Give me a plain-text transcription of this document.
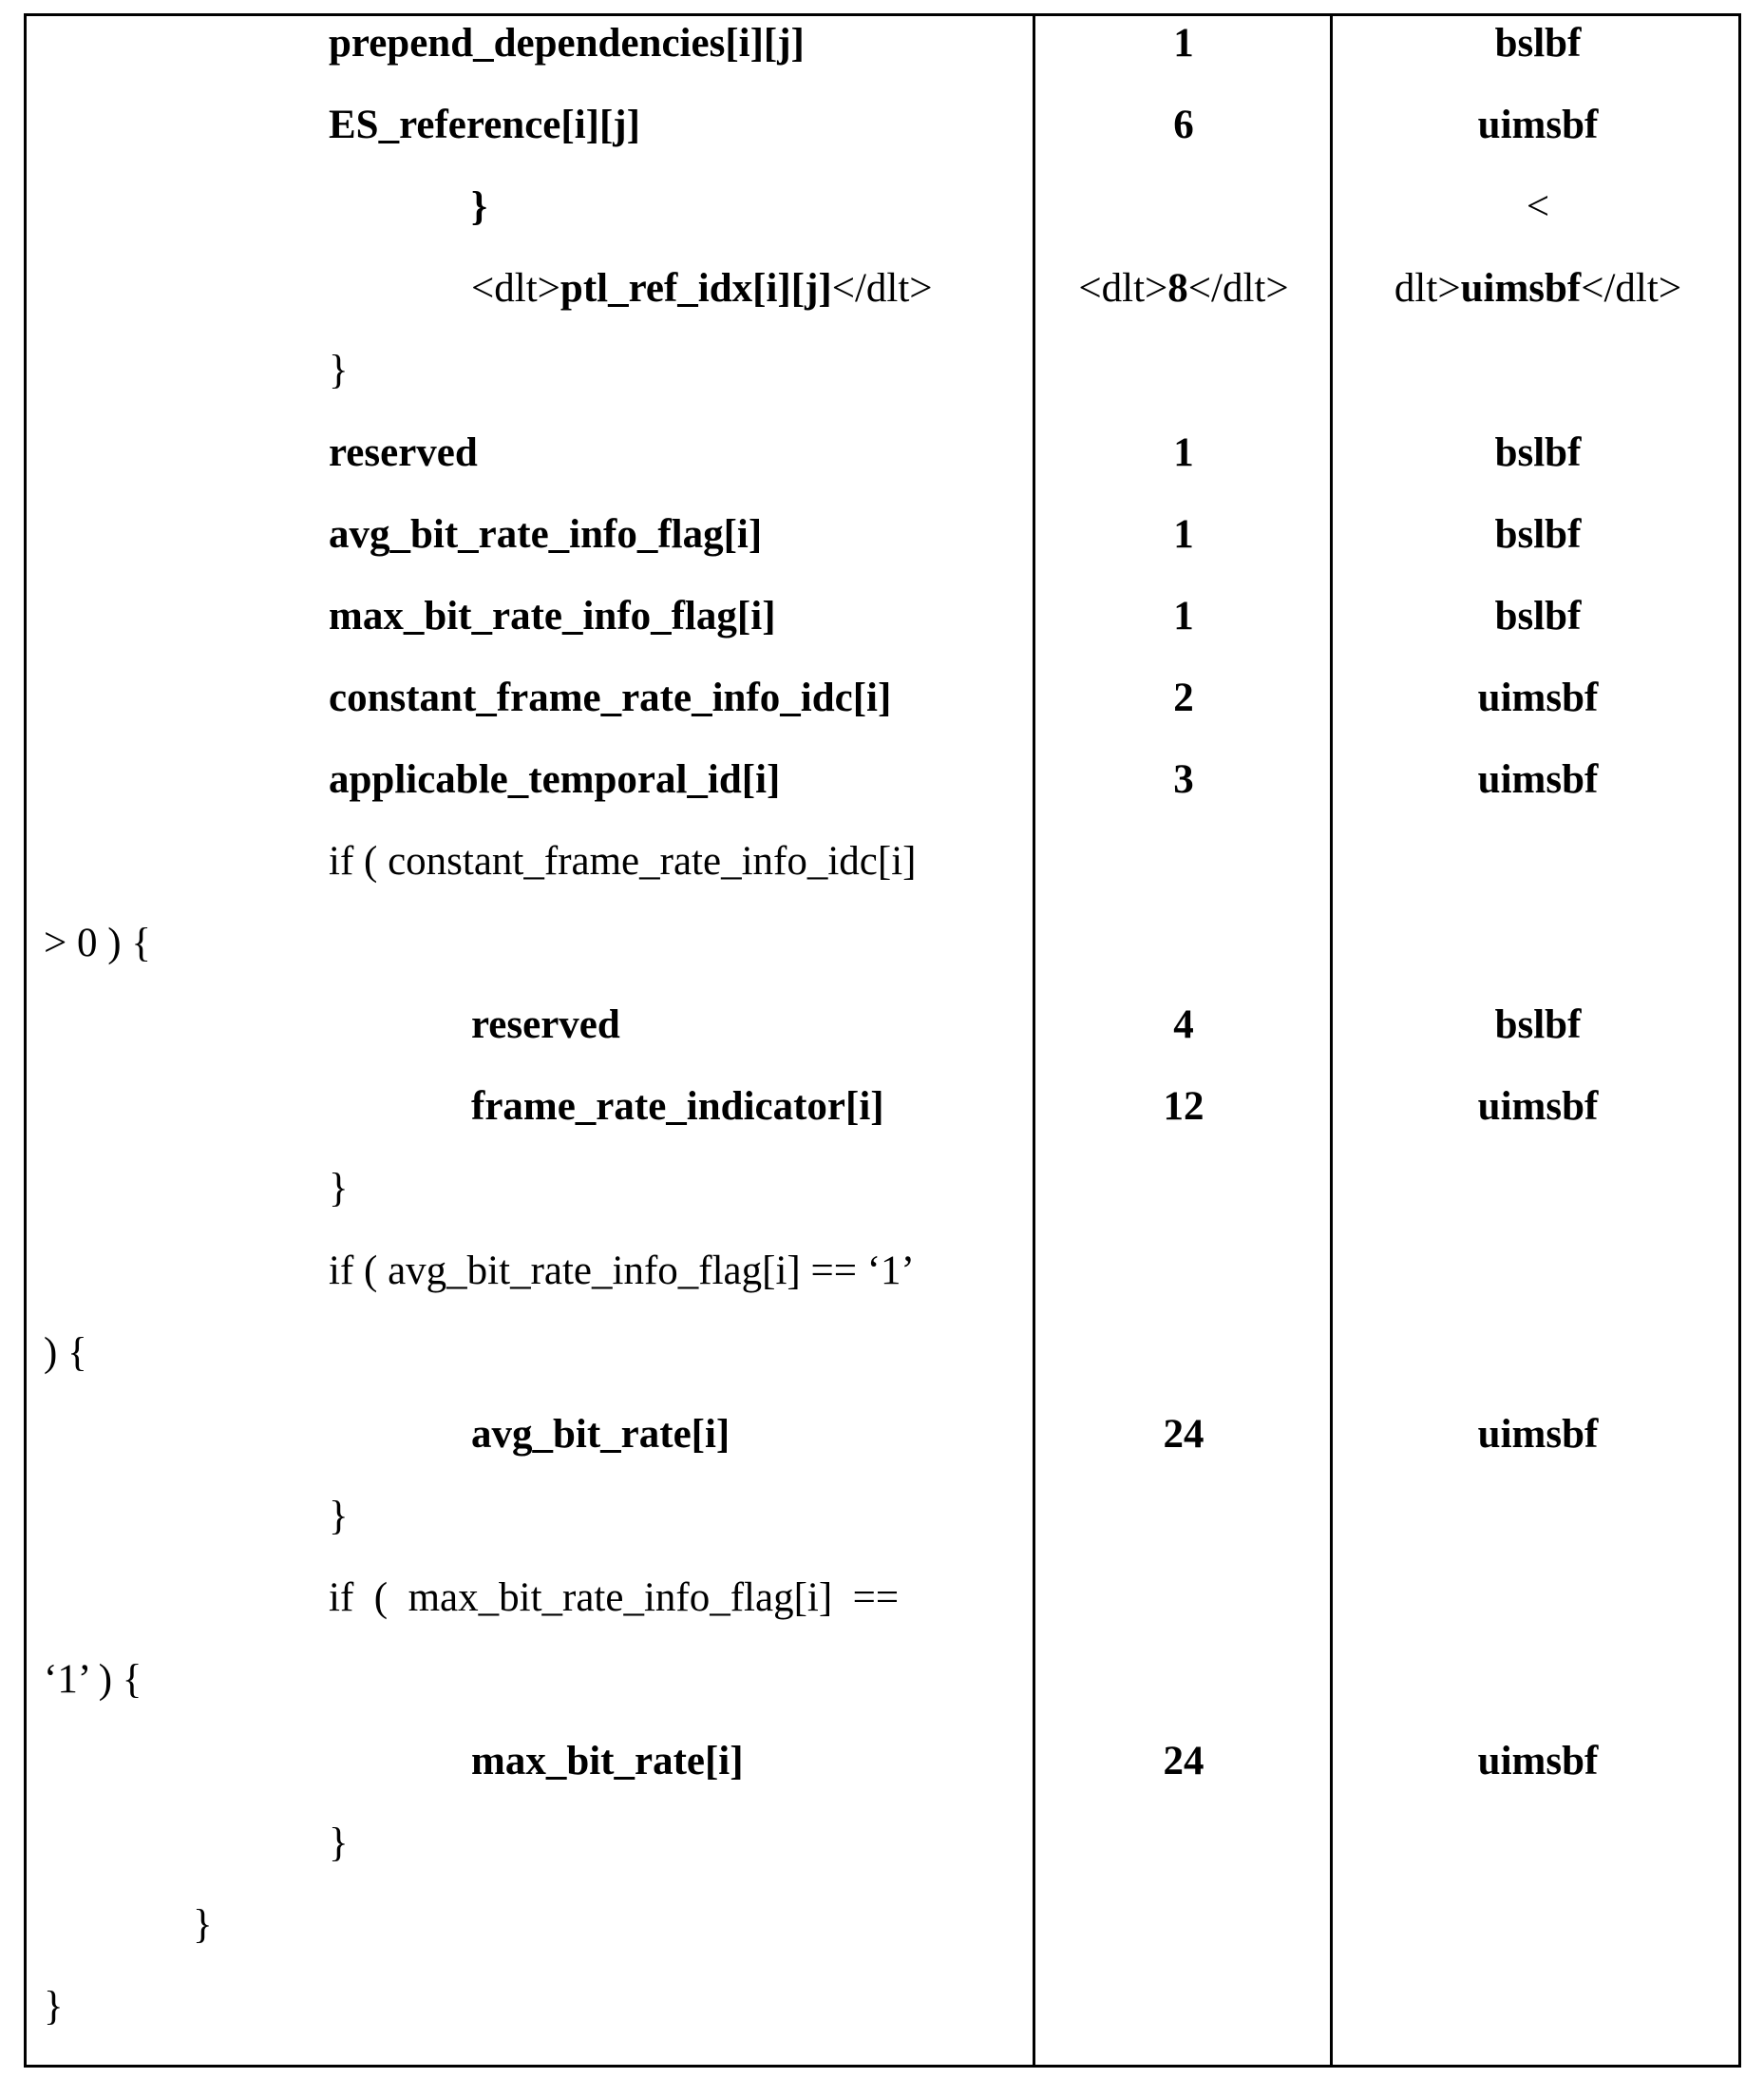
prepend_dependencies[i][j]	1	bslbf
ES_reference[i][j]	6	uimsbf
}	<
<dlt>ptl_ref_idx[i][j]</dlt>	<dlt>8</dlt>	dlt>uimsbf</dlt>
}
reserved	1	bslbf
avg_bit_rate_info_flag[i]	1	bslbf
max_bit_rate_info_flag[i]	1	bslbf
constant_frame_rate_info_idc[i]	2	uimsbf
applicable_temporal_id[i]	3	uimsbf
if ( constant_frame_rate_info_idc[i]
> 0 ) {
reserved	4	bslbf
frame_rate_indicator[i]	12	uimsbf
}
if ( avg_bit_rate_info_flag[i] == ‘1’
) {
avg_bit_rate[i]	24	uimsbf
}
if  (  max_bit_rate_info_flag[i]  ==
‘1’ ) {
max_bit_rate[i]	24	uimsbf
}
}
}
